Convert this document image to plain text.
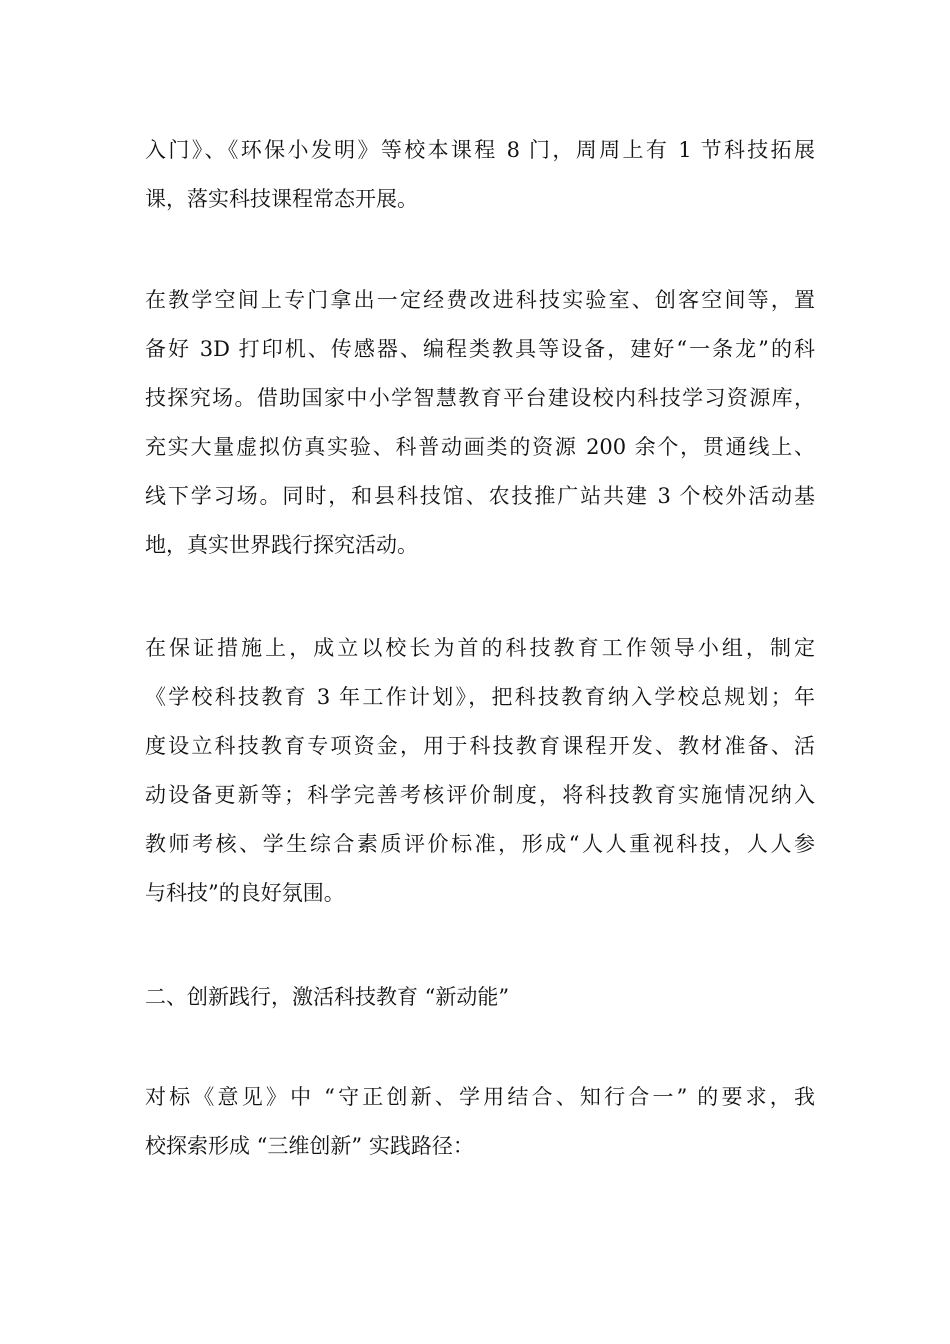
入门》、《环保小发明》等校本课程 8 门，周周上有 1 节科技拓展
课，落实科技课程常态开展。
在教学空间上专门拿出一定经费改进科技实验室、创客空间等，置
备好 3D 打印机、传感器、编程类教具等设备，建好“一条龙”的科
技探究场。借助国家中小学智慧教育平台建设校内科技学习资源库，
充实大量虚拟仿真实验、科普动画类的资源 200 余个，贯通线上、
线下学习场。同时，和县科技馆、农技推广站共建 3 个校外活动基
地，真实世界践行探究活动。
在保证措施上，成立以校长为首的科技教育工作领导小组，制定
《学校科技教育 3 年工作计划》，把科技教育纳入学校总规划；年
度设立科技教育专项资金，用于科技教育课程开发、教材准备、活
动设备更新等；科学完善考核评价制度，将科技教育实施情况纳入
教师考核、学生综合素质评价标准，形成“人人重视科技，人人参
与科技”的良好氛围。
二、创新践行，激活科技教育 “新动能”
对标《意见》中 “守正创新、学用结合、知行合一” 的要求，我
校探索形成 “三维创新” 实践路径：
